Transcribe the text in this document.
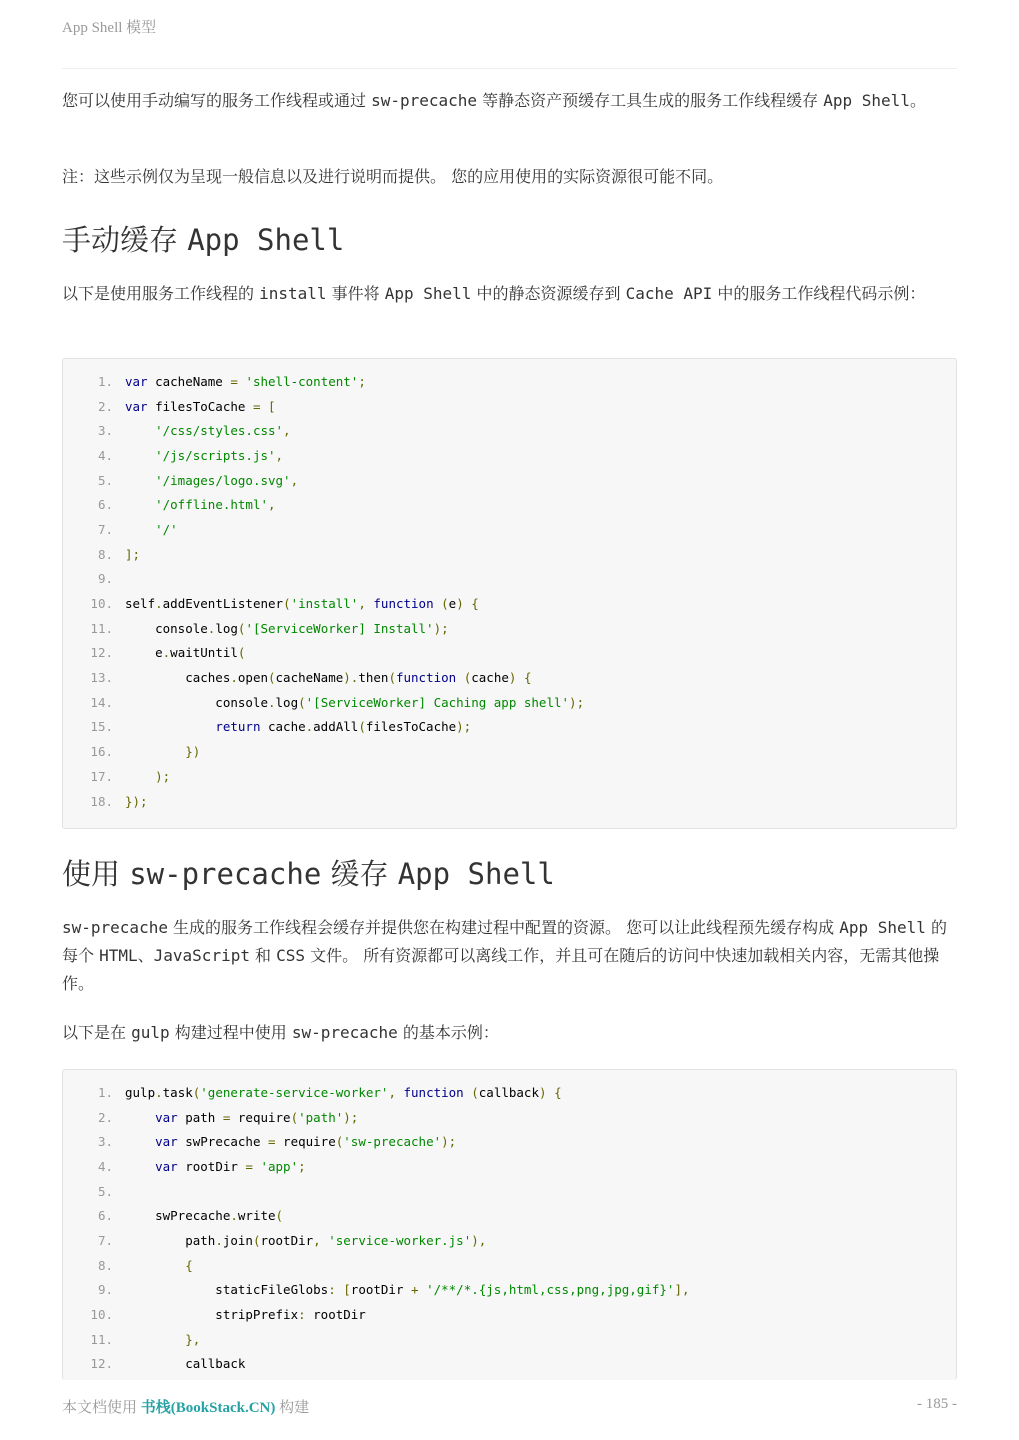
App Shell 模型

您可以使用手动编写的服务工作线程或通过 sw-precache 等静态资产预缓存工具生成的服务工作线程缓存 App Shell。

注：这些示例仅为呈现一般信息以及进行说明而提供。 您的应用使用的实际资源很可能不同。

手动缓存 App Shell

以下是使用服务工作线程的 install 事件将 App Shell 中的静态资源缓存到 Cache API 中的服务工作线程代码示例：

1. var cacheName = 'shell-content';
2. var filesToCache = [
3.	'/css/styles.css',
4.	'/js/scripts.js',
5.	'/images/logo.svg',
6.	'/offline.html',
7.	'/'
8. ];
9.
10. self.addEventListener('install', function (e) {
11. console.log('[ServiceWorker] Install');
12. e.waitUntil(
13. caches.open(cacheName).then(function (cache) {
14. console.log('[ServiceWorker] Caching app shell');
15.	return cache.addAll(filesToCache);
16.	})
17.	);
18. });
使用 sw-precache 缓存 App Shell

sw-precache 生成的服务工作线程会缓存并提供您在构建过程中配置的资源。 您可以让此线程预先缓存构成 App Shell 的每个 HTML、JavaScript 和 CSS 文件。 所有资源都可以离线工作，并且可在随后的访问中快速加载相关内容，无需其他操作。

以下是在 gulp 构建过程中使用 sw-precache 的基本示例：

1. gulp.task('generate-service-worker', function (callback) {
2.	var path = require('path');
3.	var swPrecache = require('sw-precache');
4.	var rootDir = 'app';
5.
6. swPrecache.write(
7. path.join(rootDir, 'service-worker.js'),
8.	{
9. staticFileGlobs: [rootDir + '/**/*.{js,html,css,png,jpg,gif}'],
10. stripPrefix: rootDir
11.	},
12. callback
本文档使用 书栈(BookStack.CN) 构建	- 185 -
